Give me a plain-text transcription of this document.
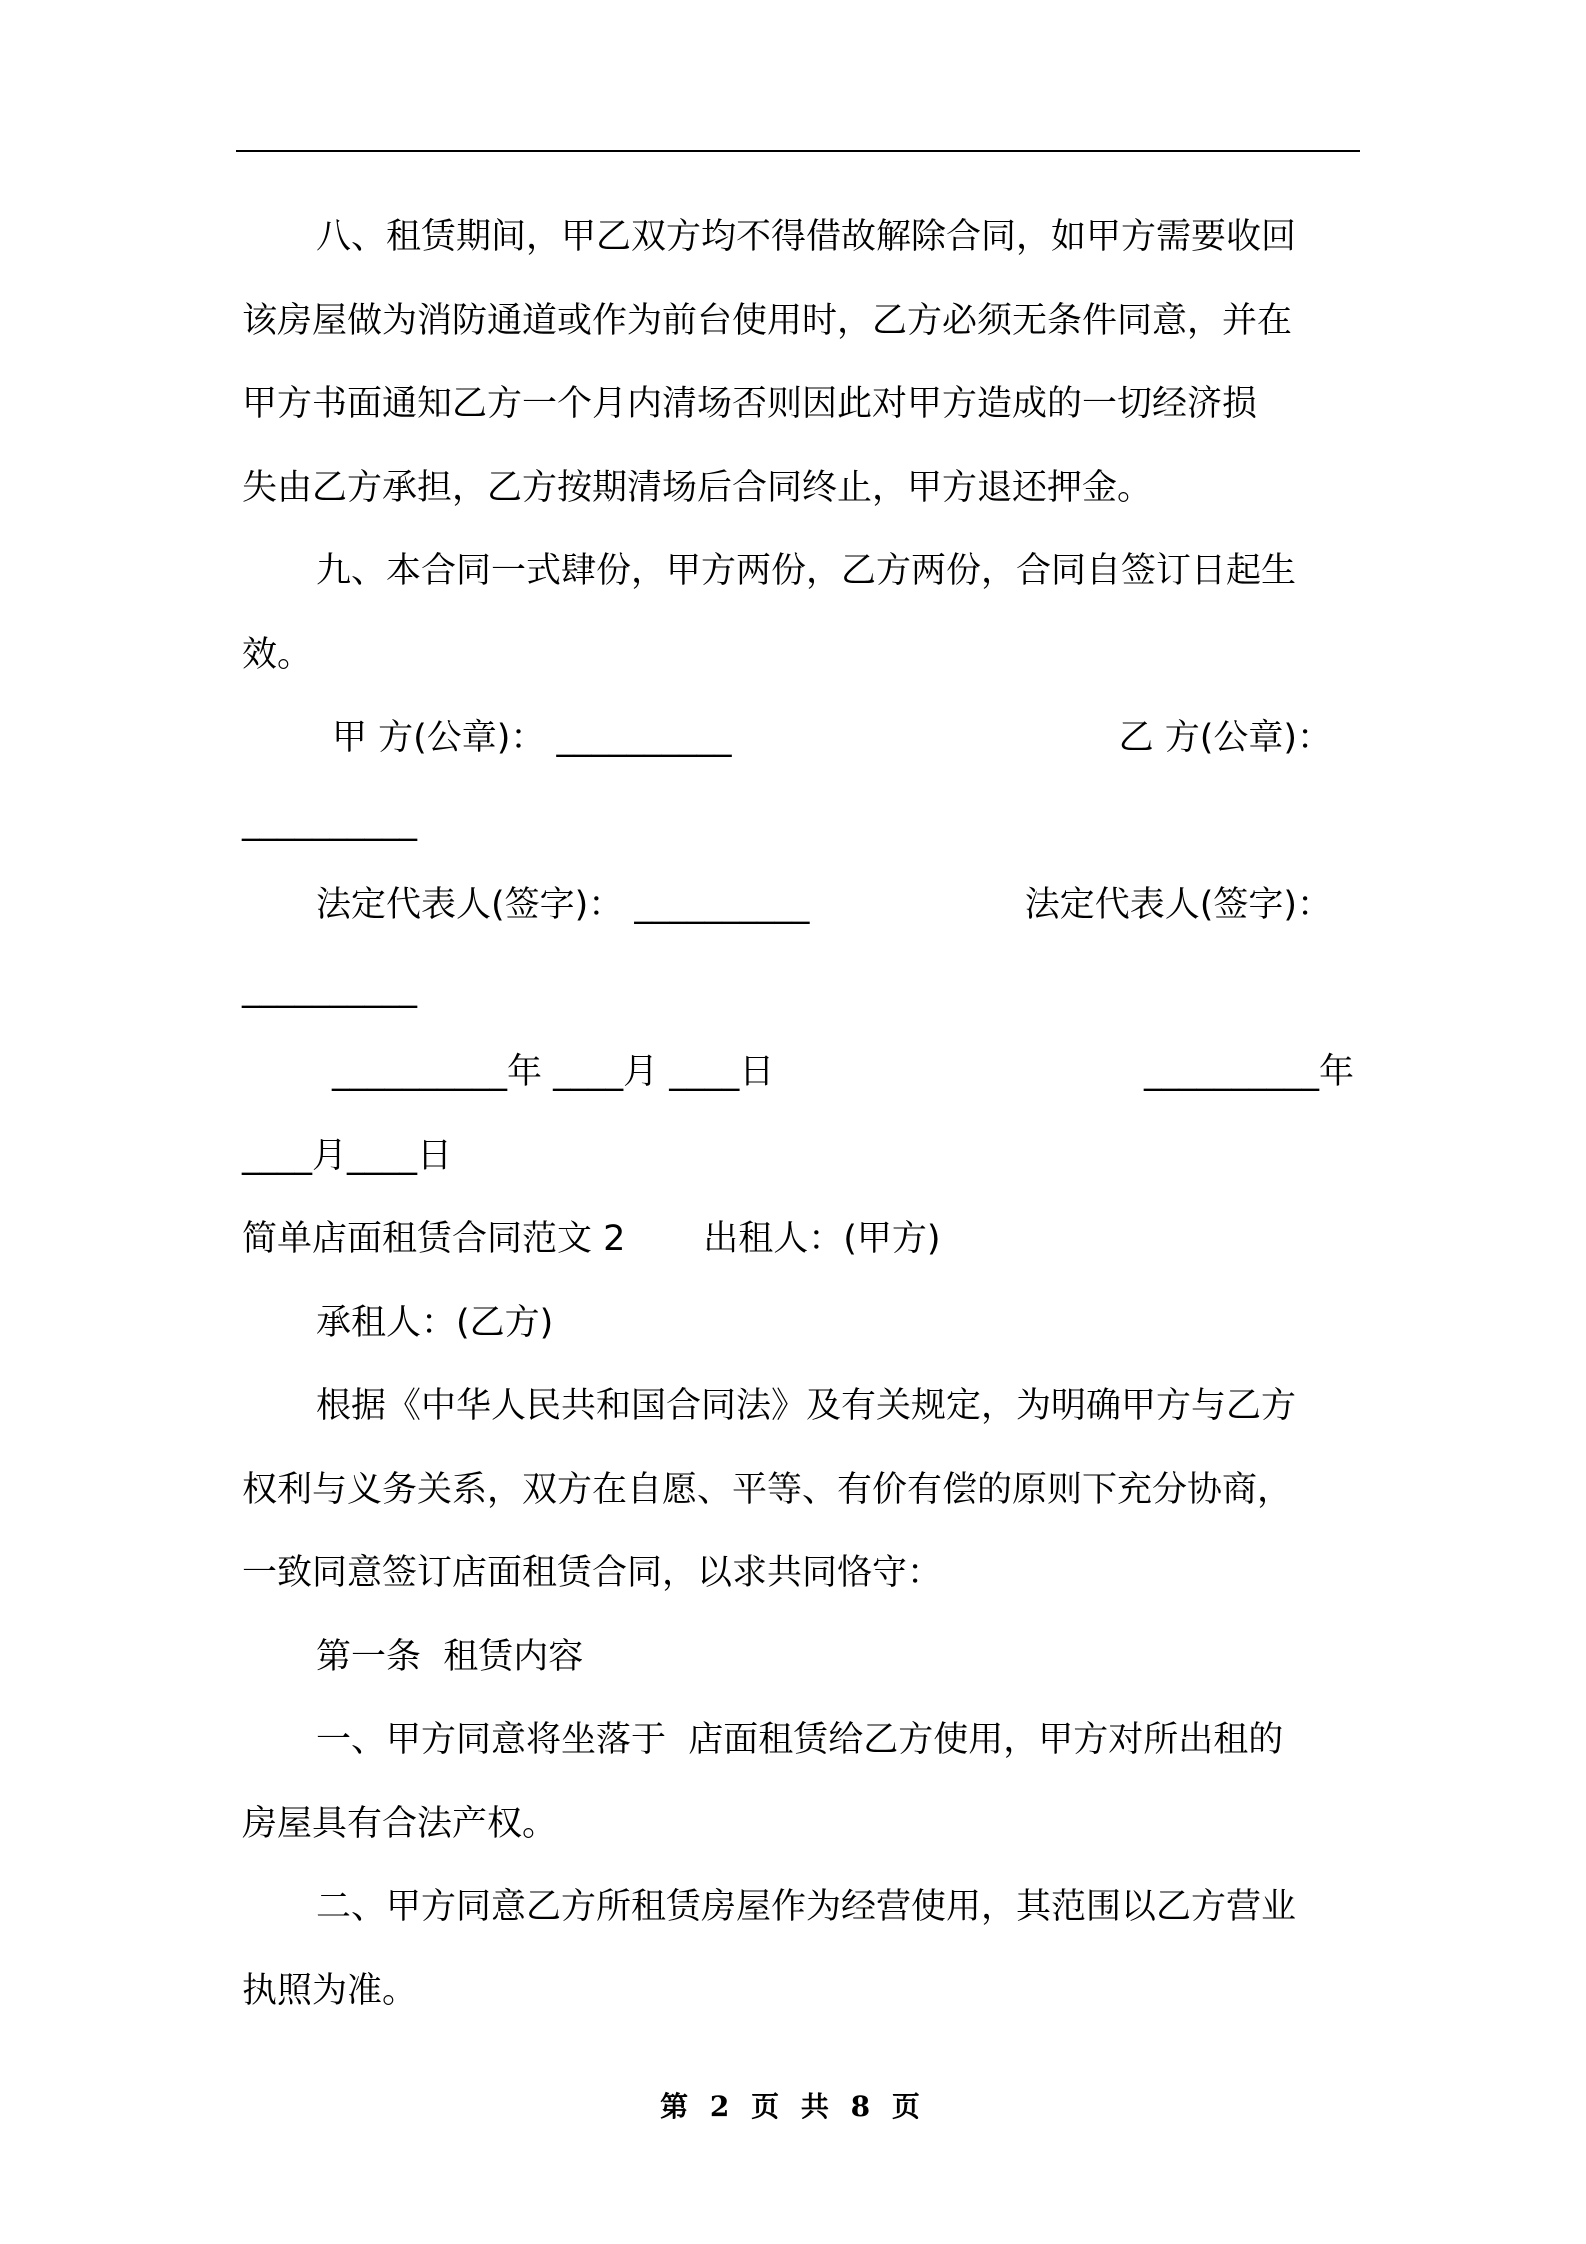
八、租赁期间，甲乙双方均不得借故解除合同，如甲方需要收回
该房屋做为消防通道或作为前台使用时，乙方必须无条件同意，并在
甲方书面通知乙方一个月内清场否则因此对甲方造成的一切经济损
失由乙方承担，乙方按期清场后合同终止，甲方退还押金。
九、本合同一式肆份，甲方两份，乙方两份，合同自签订日起生
效。
甲 方(公章)： __________	乙 方(公章)：
__________
法定代表人(签字)： __________	法定代表人(签字)：
__________
__________年 ____月 ____日	__________年
____月____日
简单店面租赁合同范文 2       出租人：(甲方)
承租人：(乙方)
根据《中华人民共和国合同法》及有关规定，为明确甲方与乙方
权利与义务关系，双方在自愿、平等、有价有偿的原则下充分协商，
一致同意签订店面租赁合同，以求共同恪守：
第一条  租赁内容
一、甲方同意将坐落于  店面租赁给乙方使用，甲方对所出租的
房屋具有合法产权。
二、甲方同意乙方所租赁房屋作为经营使用，其范围以乙方营业
执照为准。
第 2 页 共 8 页
